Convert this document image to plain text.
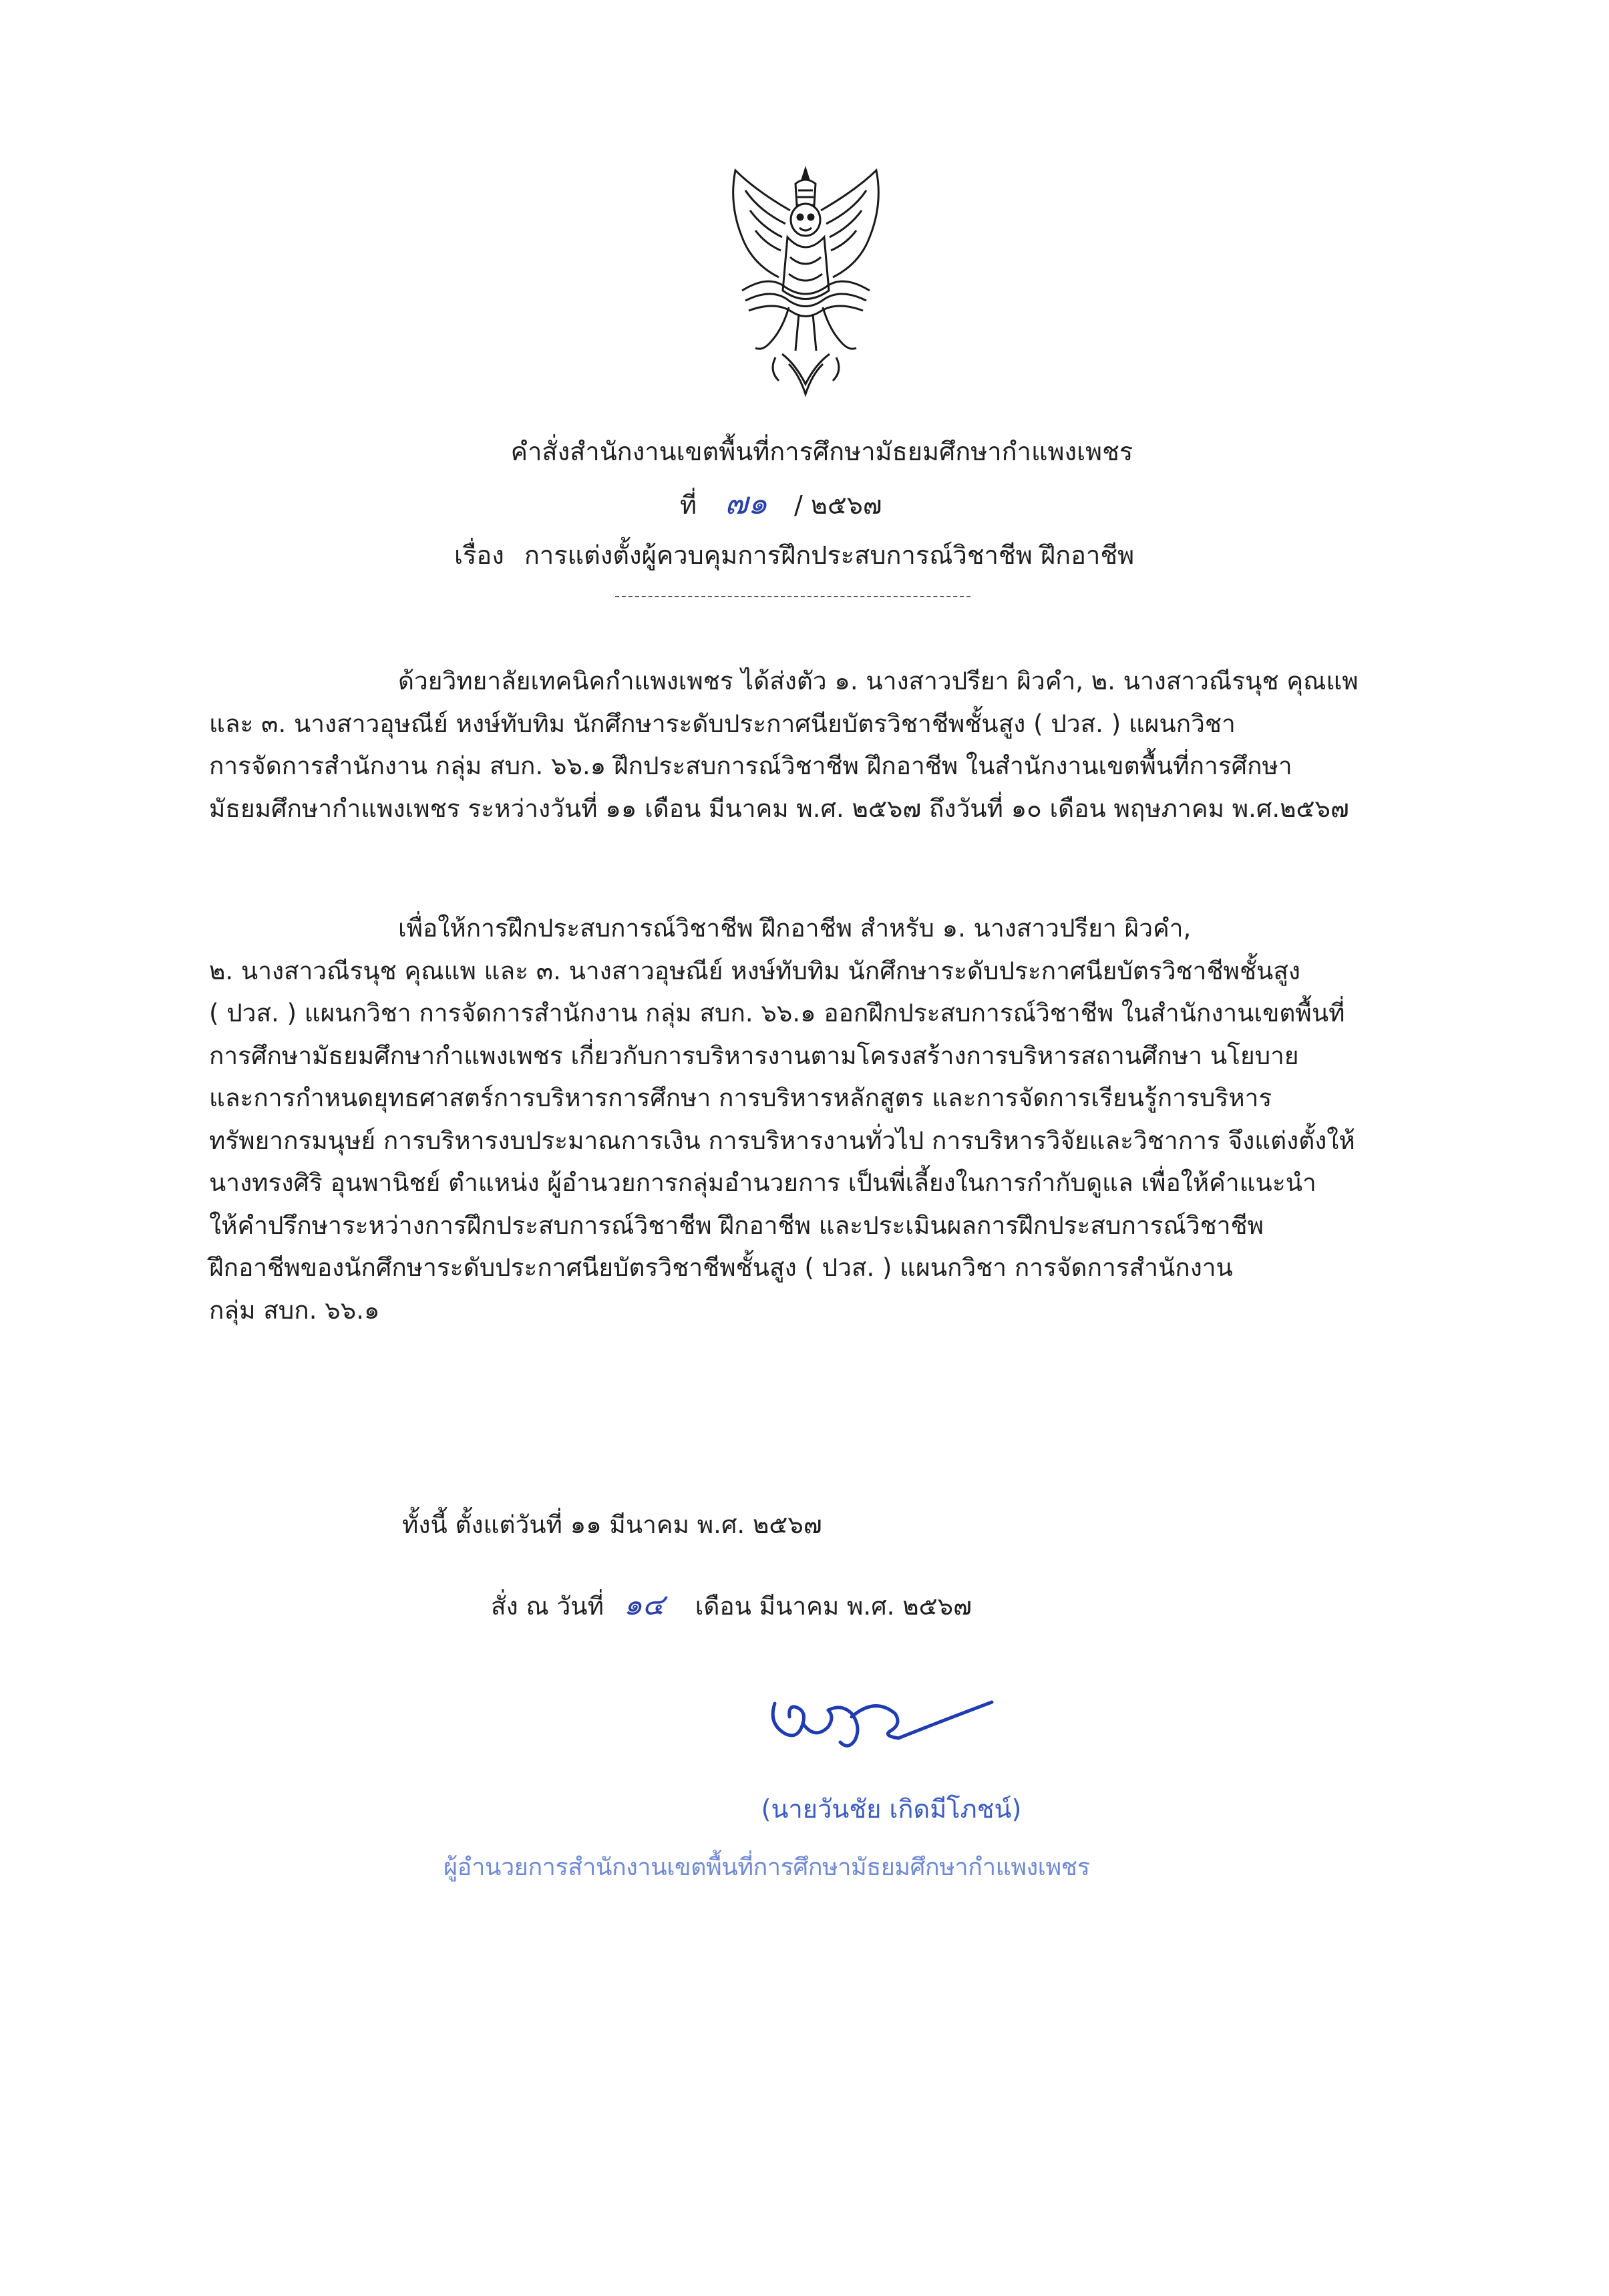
คำสั่งสำนักงานเขตพื้นที่การศึกษามัธยมศึกษากำแพงเพชร
ที่ ๗๑ / ๒๕๖๗
เรื่อง การแต่งตั้งผู้ควบคุมการฝึกประสบการณ์วิชาชีพ ฝึกอาชีพ

ด้วยวิทยาลัยเทคนิคกำแพงเพชร ได้ส่งตัว ๑. นางสาวปรียา ผิวคำ, ๒. นางสาวณีรนุช คุณแพ

และ ๓. นางสาวอุษณีย์ หงษ์ทับทิม นักศึกษาระดับประกาศนียบัตรวิชาชีพชั้นสูง ( ปวส. ) แผนกวิชา

การจัดการสำนักงาน กลุ่ม สบก. ๖๖.๑ ฝึกประสบการณ์วิชาชีพ ฝึกอาชีพ ในสำนักงานเขตพื้นที่การศึกษา

มัธยมศึกษากำแพงเพชร ระหว่างวันที่ ๑๑ เดือน มีนาคม พ.ศ. ๒๕๖๗ ถึงวันที่ ๑๐ เดือน พฤษภาคม พ.ศ.๒๕๖๗

เพื่อให้การฝึกประสบการณ์วิชาชีพ ฝึกอาชีพ สำหรับ ๑. นางสาวปรียา ผิวคำ,

๒. นางสาวณีรนุช คุณแพ และ ๓. นางสาวอุษณีย์ หงษ์ทับทิม นักศึกษาระดับประกาศนียบัตรวิชาชีพชั้นสูง

( ปวส. ) แผนกวิชา การจัดการสำนักงาน กลุ่ม สบก. ๖๖.๑ ออกฝึกประสบการณ์วิชาชีพ ในสำนักงานเขตพื้นที่

การศึกษามัธยมศึกษากำแพงเพชร เกี่ยวกับการบริหารงานตามโครงสร้างการบริหารสถานศึกษา นโยบาย

และการกำหนดยุทธศาสตร์การบริหารการศึกษา การบริหารหลักสูตร และการจัดการเรียนรู้การบริหาร

ทรัพยากรมนุษย์ การบริหารงบประมาณการเงิน การบริหารงานทั่วไป การบริหารวิจัยและวิชาการ จึงแต่งตั้งให้

นางทรงศิริ อุนพานิชย์ ตำแหน่ง ผู้อำนวยการกลุ่มอำนวยการ เป็นพี่เลี้ยงในการกำกับดูแล เพื่อให้คำแนะนำ

ให้คำปรึกษาระหว่างการฝึกประสบการณ์วิชาชีพ ฝึกอาชีพ และประเมินผลการฝึกประสบการณ์วิชาชีพ

ฝึกอาชีพของนักศึกษาระดับประกาศนียบัตรวิชาชีพชั้นสูง ( ปวส. ) แผนกวิชา การจัดการสำนักงาน

กลุ่ม สบก. ๖๖.๑

ทั้งนี้ ตั้งแต่วันที่ ๑๑ มีนาคม พ.ศ. ๒๕๖๗
สั่ง ณ วันที่ ๑๔ เดือน มีนาคม พ.ศ. ๒๕๖๗
(นายวันชัย เกิดมีโภชน์)
ผู้อำนวยการสำนักงานเขตพื้นที่การศึกษามัธยมศึกษากำแพงเพชร
